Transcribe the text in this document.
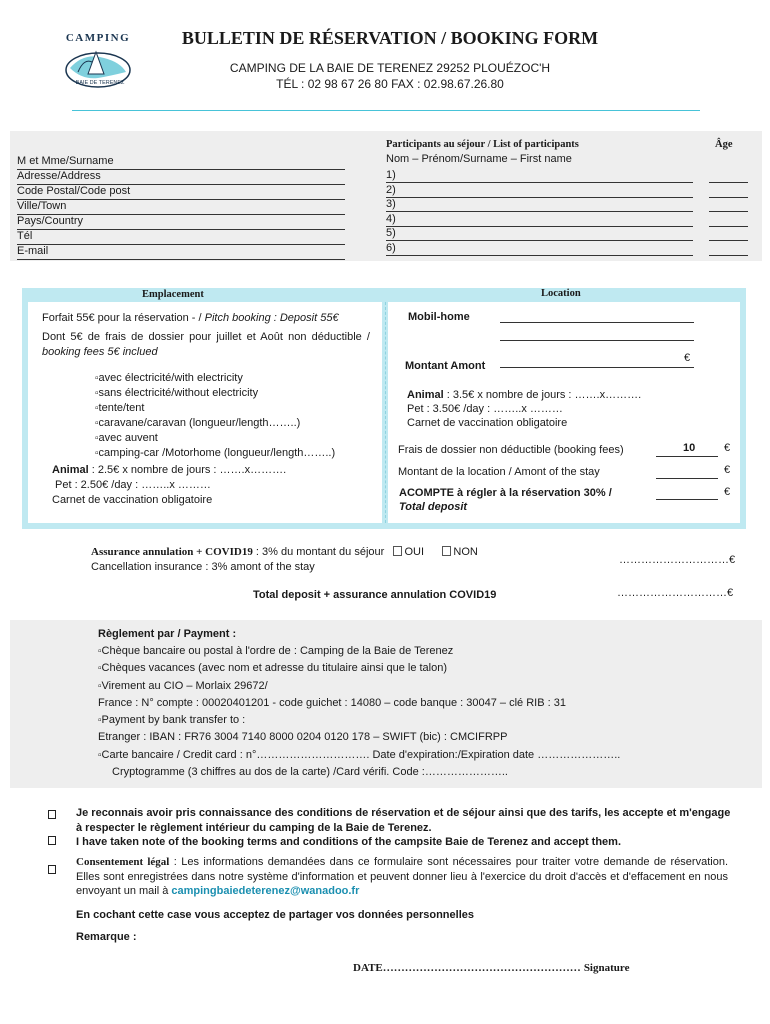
CAMPING
BAIE DE TERENEZ
BULLETIN DE RÉSERVATION / BOOKING FORM
CAMPING DE LA BAIE DE TERENEZ 29252 PLOUÉZOC'H
TÉL : 02 98 67 26 80 FAX : 02.98.67.26.80
M et Mme/Surname
Adresse/Address
Code Postal/Code post
Ville/Town
Pays/Country
Tél
E-mail
Participants au séjour / List of participants	Âge
Nom – Prénom/Surname – First name
1)
2)
3)
4)
5)
6)
Emplacement	Location
Forfait 55€ pour la réservation - / Pitch booking : Deposit 55€
Dont 5€ de frais de dossier pour juillet et Août non déductible / booking fees 5€ inclued
▫ avec électricité/with electricity
▫ sans électricité/without electricity
▫ tente/tent
▫ caravane/caravan (longueur/length……..)
▫ avec auvent
▫ camping-car /Motorhome (longueur/length……..)
Animal : 2.5€ x nombre de jours : …….x……….
Pet : 2.50€ /day : ……..x ………
Carnet de vaccination obligatoire
Mobil-home
€
Montant Amont
Animal : 3.5€ x nombre de jours : …….x……….
Pet : 3.50€ /day : ……..x ………
Carnet de vaccination obligatoire
Frais de dossier non déductible (booking fees)	10	€
Montant de la location / Amont of the stay	€
ACOMPTE à régler à la réservation 30% /
Total deposit
€
Assurance annulation + COVID19 : 3% du montant du séjour OUI	NON
Cancellation insurance : 3% amont of the stay
…………………………€
Total deposit + assurance annulation COVID19	…………………………€
Règlement par / Payment :
▫ Chèque bancaire ou postal à l'ordre de : Camping de la Baie de Terenez
▫ Chèques vacances (avec nom et adresse du titulaire ainsi que le talon)
▫ Virement au CIO – Morlaix 29672/
France : N° compte : 00020401201 - code guichet : 14080 – code banque : 30047 – clé RIB : 31
▫ Payment by bank transfer to :
Etranger : IBAN : FR76 3004 7140 8000 0204 0120 178 – SWIFT (bic) : CMCIFRPP
▫ Carte bancaire / Credit card : n°…………………………. Date d'expiration:/Expiration date …………………..
Cryptogramme (3 chiffres au dos de la carte) /Card vérifi. Code :…………………..
Je reconnais avoir pris connaissance des conditions de réservation et de séjour ainsi que des tarifs, les accepte et m'engage à respecter le règlement intérieur du camping de la Baie de Terenez.
I have taken note of the booking terms and conditions of the campsite Baie de Terenez and accept them.
Consentement légal : Les informations demandées dans ce formulaire sont nécessaires pour traiter votre demande de réservation. Elles sont enregistrées dans notre système d'information et peuvent donner lieu à l'exercice du droit d'accès et d'effacement en nous envoyant un mail à campingbaiedeterenez@wanadoo.fr
En cochant cette case vous acceptez de partager vos données personnelles
Remarque :
DATE……………………………………………… Signature
